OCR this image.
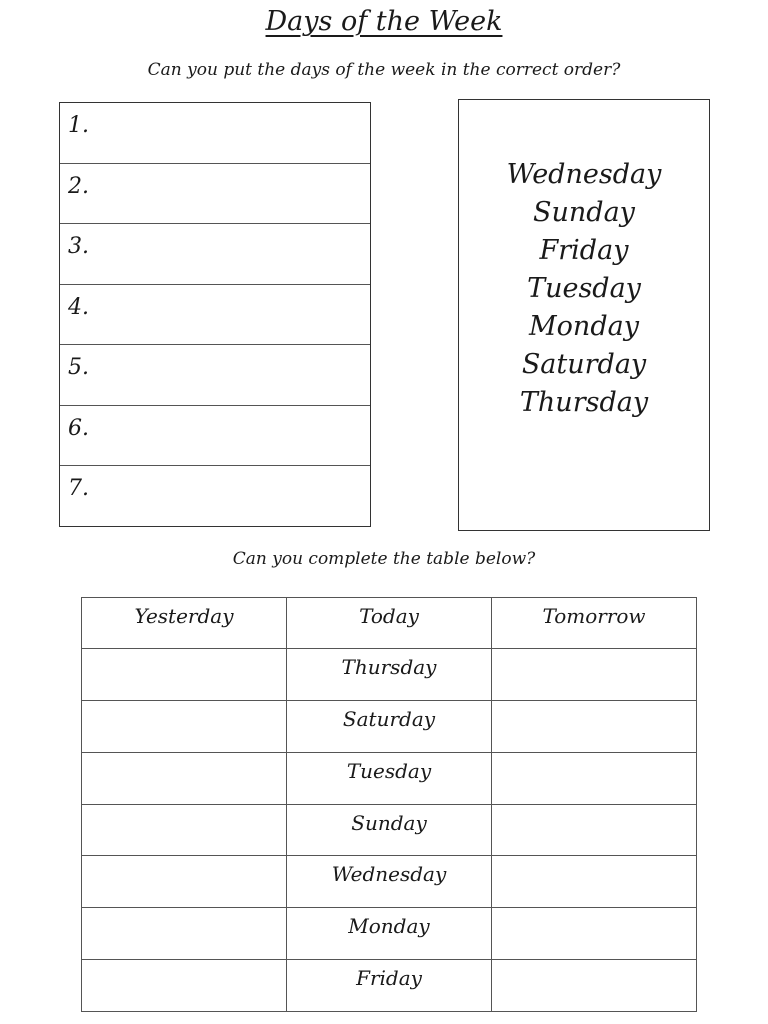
Days of the Week
Can you put the days of the week in the correct order?
1.
2.
3.
4.
5.
6.
7.
Wednesday
Sunday
Friday
Tuesday
Monday
Saturday
Thursday
Can you complete the table below?
Yesterday	Today	Tomorrow
	Thursday	
	Saturday	
	Tuesday	
	Sunday	
	Wednesday	
	Monday	
	Friday	
